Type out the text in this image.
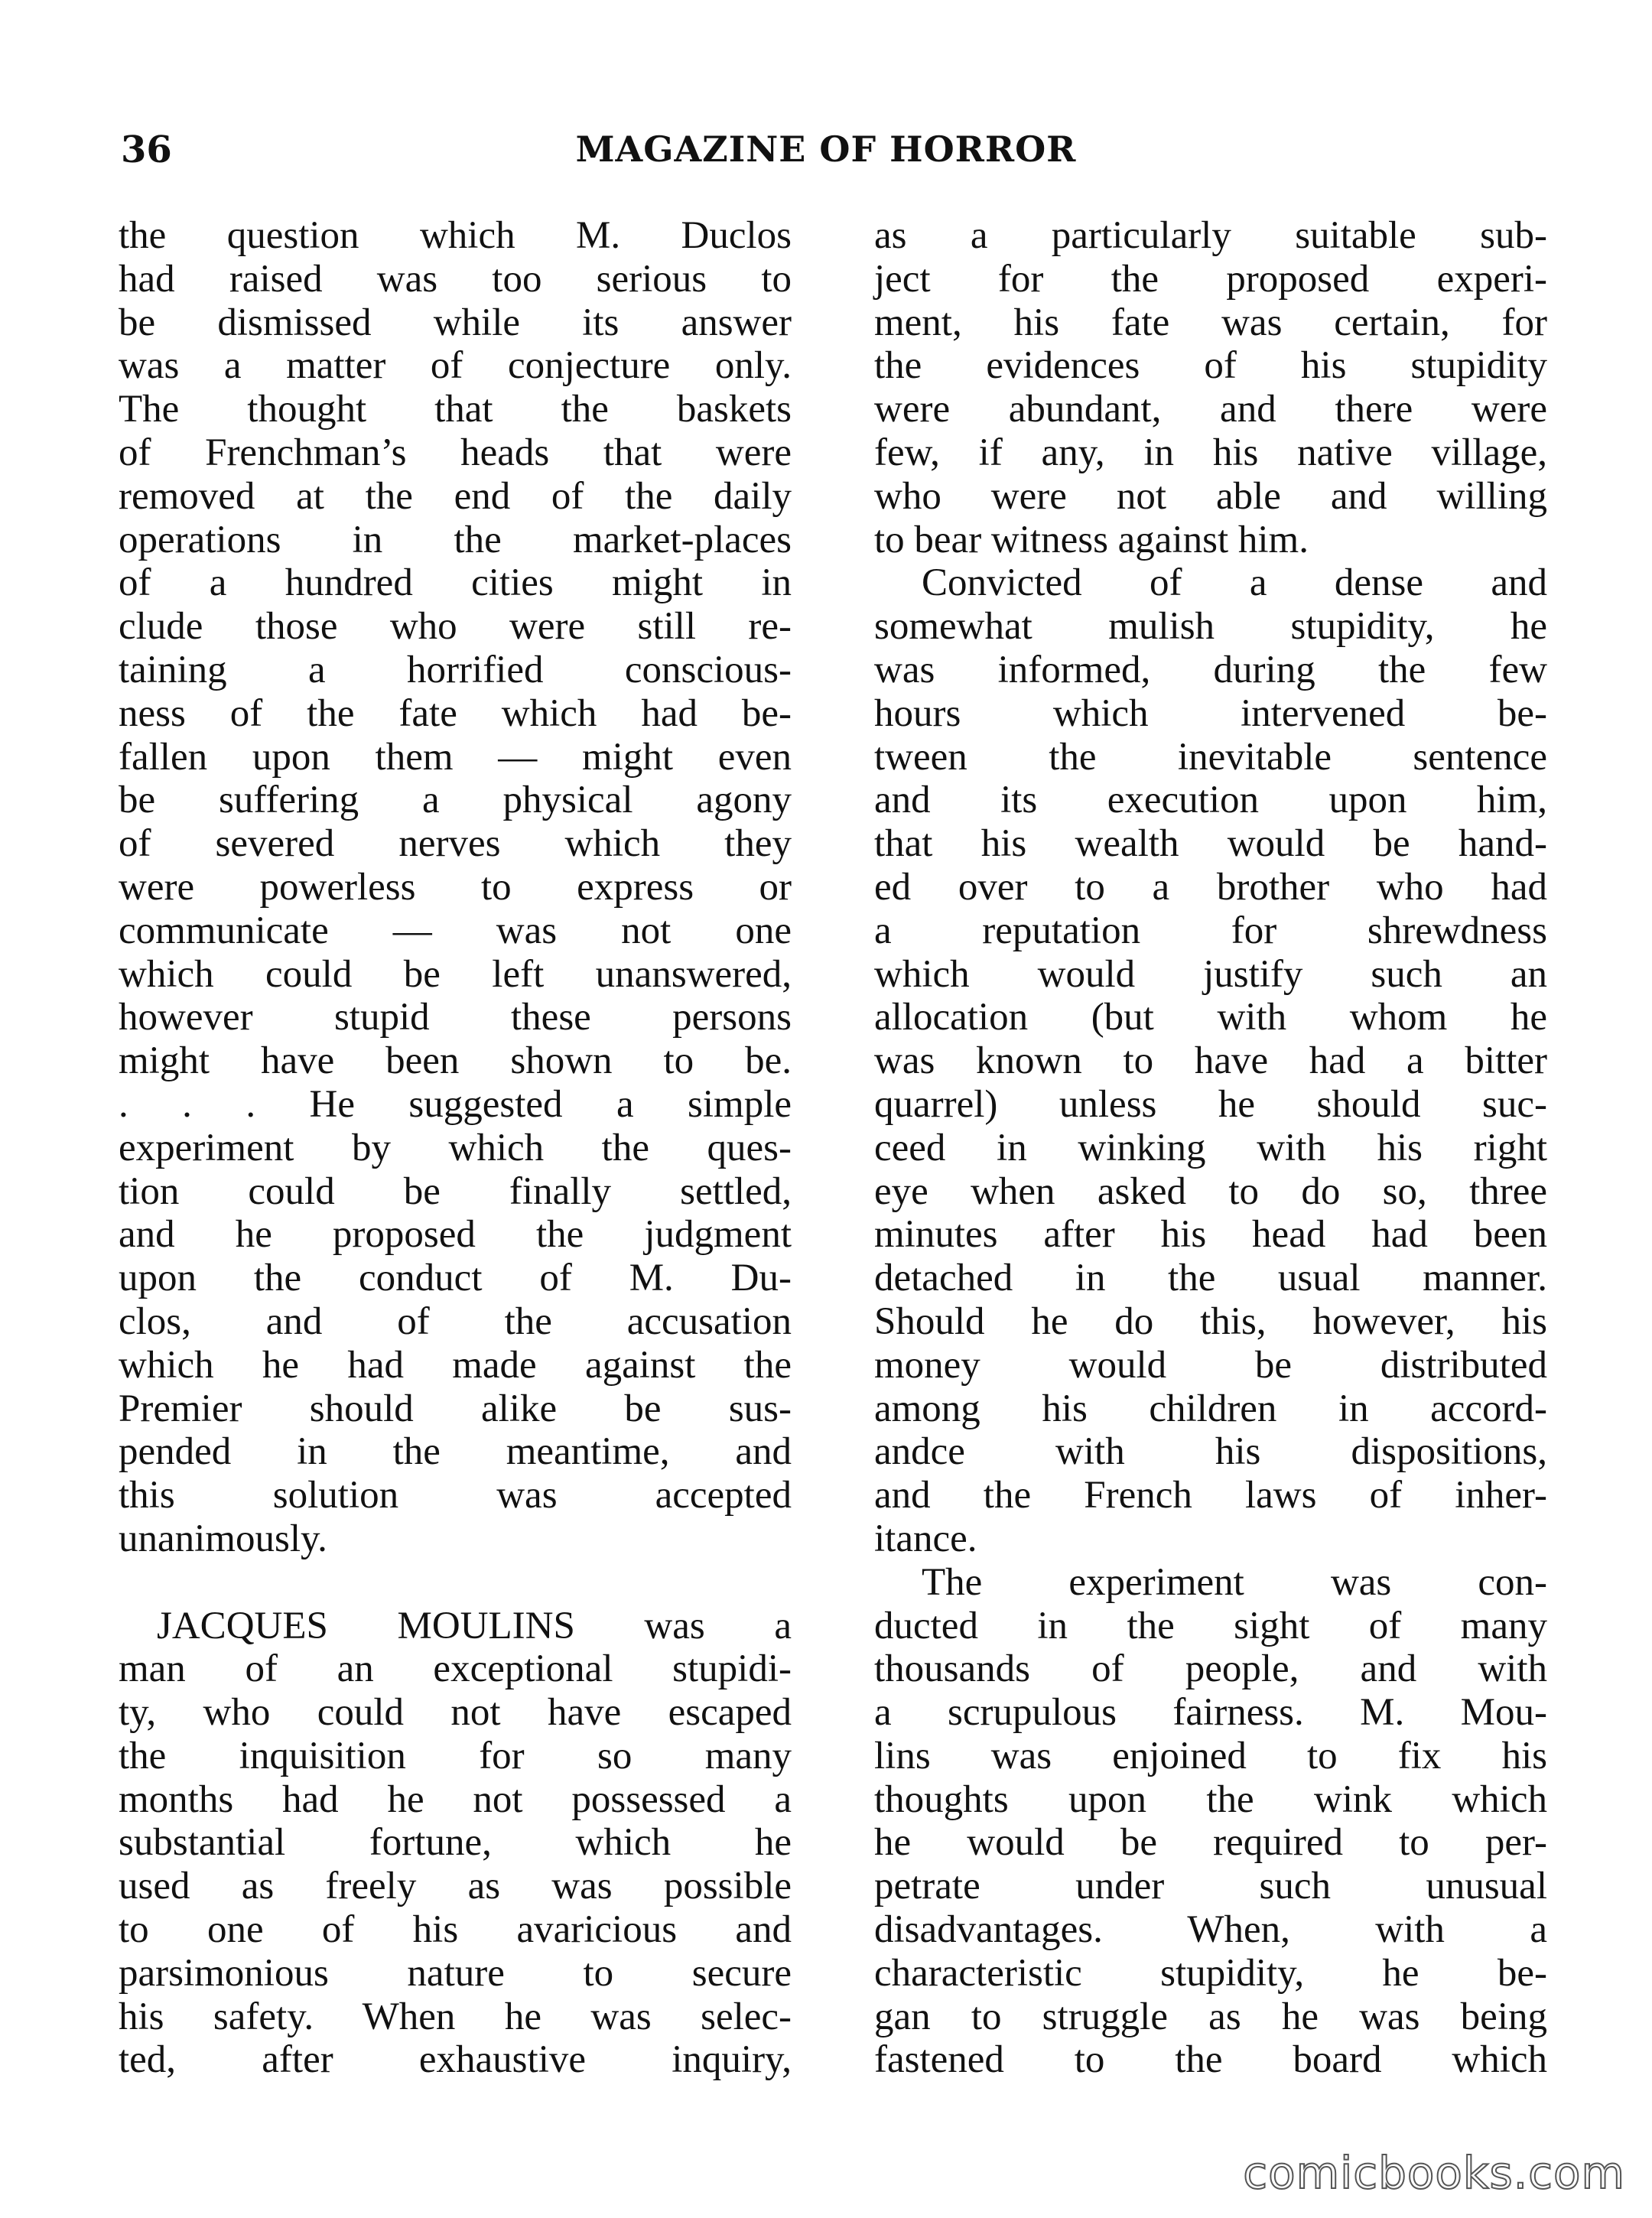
36	MAGAZINE OF HORROR
the question which M. Duclos
had raised was too serious to
be dismissed while its answer
was a matter of conjecture only.
The thought that the baskets
of Frenchman’s heads that were
removed at the end of the daily
operations in the market-places
of a hundred cities might in
clude those who were still re-
taining a horrified conscious-
ness of the fate which had be-
fallen upon them — might even
be suffering a physical agony
of severed nerves which they
were powerless to express or
communicate — was not one
which could be left unanswered,
however stupid these persons
might have been shown to be.
. . . He suggested a simple
experiment by which the ques-
tion could be finally settled,
and he proposed the judgment
upon the conduct of M. Du-
clos, and of the accusation
which he had made against the
Premier should alike be sus-
pended in the meantime, and
this solution was accepted
unanimously.
JACQUES MOULINS was a
man of an exceptional stupidi-
ty, who could not have escaped
the inquisition for so many
months had he not possessed a
substantial fortune, which he
used as freely as was possible
to one of his avaricious and
parsimonious nature to secure
his safety. When he was selec-
ted, after exhaustive inquiry,
as a particularly suitable sub-
ject for the proposed experi-
ment, his fate was certain, for
the evidences of his stupidity
were abundant, and there were
few, if any, in his native village,
who were not able and willing
to bear witness against him.
Convicted of a dense and
somewhat mulish stupidity, he
was informed, during the few
hours which intervened be-
tween the inevitable sentence
and its execution upon him,
that his wealth would be hand-
ed over to a brother who had
a reputation for shrewdness
which would justify such an
allocation (but with whom he
was known to have had a bitter
quarrel) unless he should suc-
ceed in winking with his right
eye when asked to do so, three
minutes after his head had been
detached in the usual manner.
Should he do this, however, his
money would be distributed
among his children in accord-
andce with his dispositions,
and the French laws of inher-
itance.
The experiment was con-
ducted in the sight of many
thousands of people, and with
a scrupulous fairness. M. Mou-
lins was enjoined to fix his
thoughts upon the wink which
he would be required to per-
petrate under such unusual
disadvantages. When, with a
characteristic stupidity, he be-
gan to struggle as he was being
fastened to the board which
comicbooks.com
